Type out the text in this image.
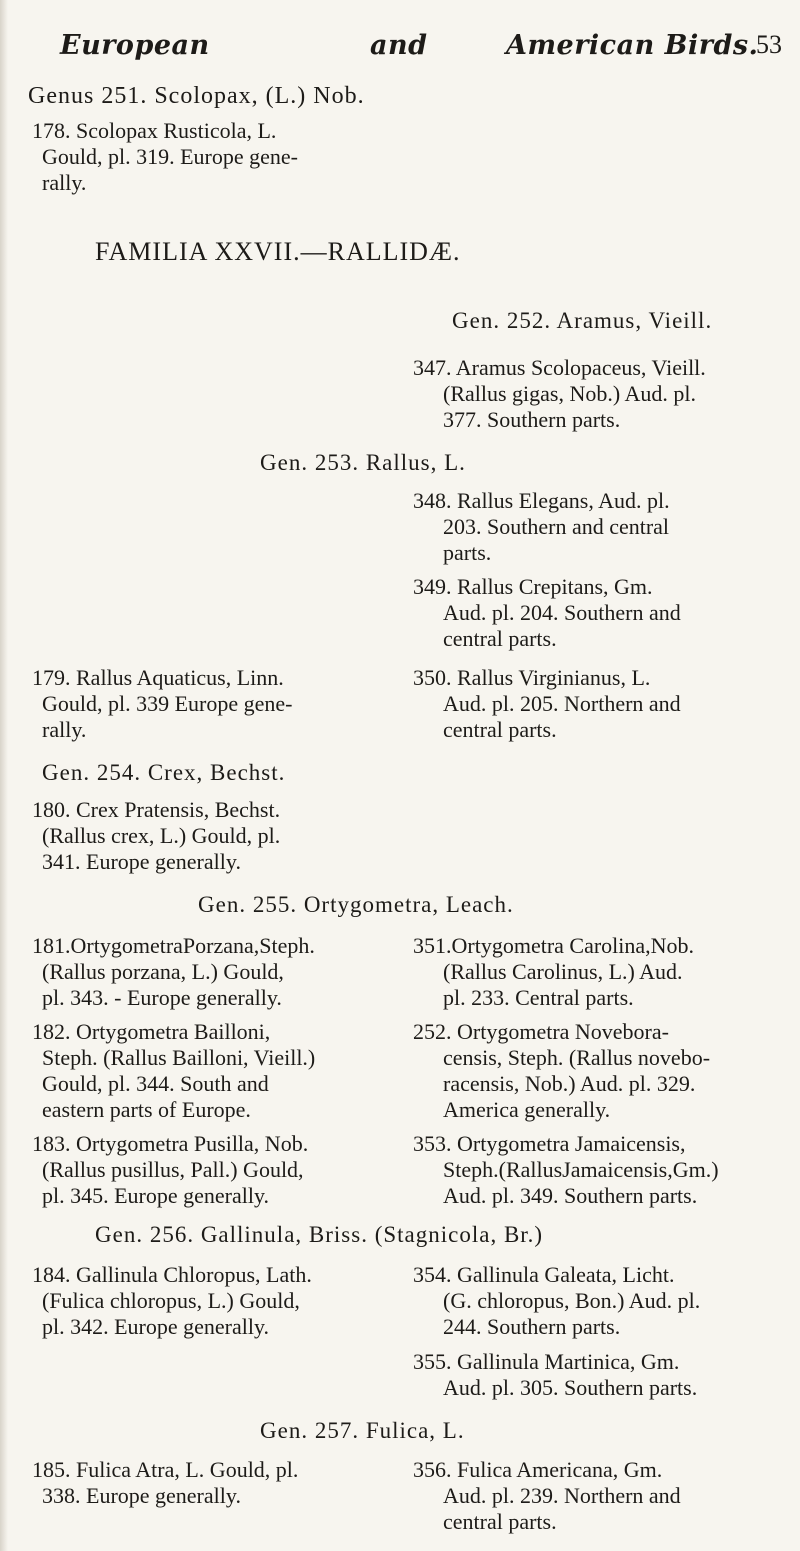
European	and	American Birds.
53
Genus 251. Scolopax, (L.) Nob.
178. Scolopax Rusticola, L.
Gould, pl. 319. Europe gene-
rally.
FAMILIA XXVII.—RALLIDÆ.
Gen. 252. Aramus, Vieill.
347. Aramus Scolopaceus, Vieill.
(Rallus gigas, Nob.) Aud. pl.
377. Southern parts.
Gen. 253. Rallus, L.
348. Rallus Elegans, Aud. pl.
203. Southern and central
parts.
349. Rallus Crepitans, Gm.
Aud. pl. 204. Southern and
central parts.
179. Rallus Aquaticus, Linn.
Gould, pl. 339 Europe gene-
rally.
350. Rallus Virginianus, L.
Aud. pl. 205. Northern and
central parts.
Gen. 254. Crex, Bechst.
180. Crex Pratensis, Bechst.
(Rallus crex, L.) Gould, pl.
341. Europe generally.
Gen. 255. Ortygometra, Leach.
181.OrtygometraPorzana,Steph.
(Rallus porzana, L.) Gould,
pl. 343. - Europe generally.
351.Ortygometra Carolina,Nob.
(Rallus Carolinus, L.) Aud.
pl. 233. Central parts.
182. Ortygometra Bailloni,
Steph. (Rallus Bailloni, Vieill.)
Gould, pl. 344. South and
eastern parts of Europe.
252. Ortygometra Novebora-
censis, Steph. (Rallus novebo-
racensis, Nob.) Aud. pl. 329.
America generally.
183. Ortygometra Pusilla, Nob.
(Rallus pusillus, Pall.) Gould,
pl. 345. Europe generally.
353. Ortygometra Jamaicensis,
Steph.(RallusJamaicensis,Gm.)
Aud. pl. 349. Southern parts.
Gen. 256. Gallinula, Briss. (Stagnicola, Br.)
184. Gallinula Chloropus, Lath.
(Fulica chloropus, L.) Gould,
pl. 342. Europe generally.
354. Gallinula Galeata, Licht.
(G. chloropus, Bon.) Aud. pl.
244. Southern parts.
355. Gallinula Martinica, Gm.
Aud. pl. 305. Southern parts.
Gen. 257. Fulica, L.
185. Fulica Atra, L. Gould, pl.
338. Europe generally.
356. Fulica Americana, Gm.
Aud. pl. 239. Northern and
central parts.
